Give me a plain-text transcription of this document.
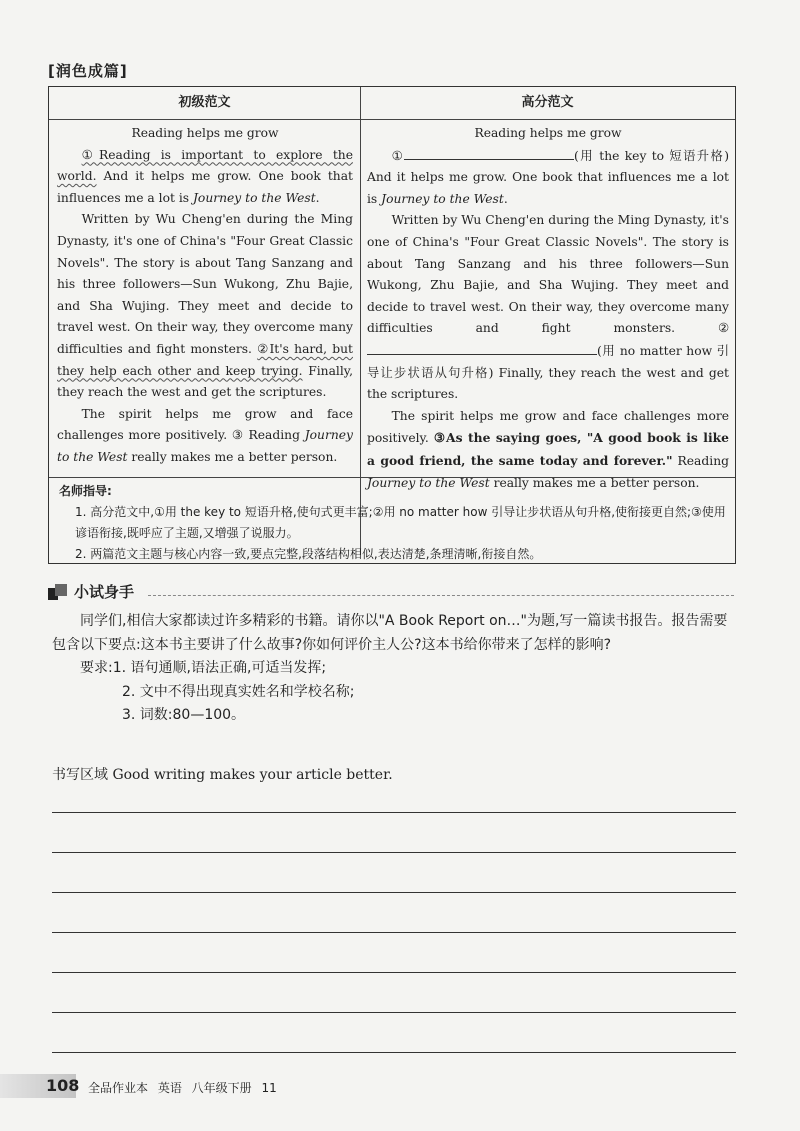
[润色成篇]
初级范文	高分范文

Reading helps me grow

①Reading is important to explore the world. And it helps me grow. One book that influences me a lot is Journey to the West.

Written by Wu Cheng'en during the Ming Dynasty, it's one of China's "Four Great Classic Novels". The story is about Tang Sanzang and his three followers—Sun Wukong, Zhu Bajie, and Sha Wujing. They meet and decide to travel west. On their way, they overcome many difficulties and fight monsters. ②It's hard, but they help each other and keep trying. Finally, they reach the west and get the scriptures.

The spirit helps me grow and face challenges more positively. ③ Reading Journey to the West really makes me a better person.

Reading helps me grow

①	(用 the key to 短语升格) And it helps me grow. One book that influences me a lot is Journey to the West.

Written by Wu Cheng'en during the Ming Dynasty, it's one of China's "Four Great Classic Novels". The story is about Tang Sanzang and his three followers—Sun Wukong, Zhu Bajie, and Sha Wujing. They meet and decide to travel west. On their way, they overcome many difficulties and fight monsters. ②(用 no matter how 引导让步状语从句升格) Finally, they reach the west and get the scriptures.

The spirit helps me grow and face challenges more positively. ③As the saying goes, "A good book is like a good friend, the same today and forever." Reading Journey to the West really makes me a better person.

名师指导:

1. 高分范文中,①用 the key to 短语升格,使句式更丰富;②用 no matter how 引导让步状语从句升格,使衔接更自然;③使用谚语衔接,既呼应了主题,又增强了说服力。

2. 两篇范文主题与核心内容一致,要点完整,段落结构相似,表达清楚,条理清晰,衔接自然。

小试身手

同学们,相信大家都读过许多精彩的书籍。请你以"A Book Report on…"为题,写一篇读书报告。报告需要包含以下要点:这本书主要讲了什么故事?你如何评价主人公?这本书给你带来了怎样的影响?

要求:1. 语句通顺,语法正确,可适当发挥;

2. 文中不得出现真实姓名和学校名称;

3. 词数:80—100。

书写区域 Good writing makes your article better.
108 全品作业本 英语 八年级下册 11
